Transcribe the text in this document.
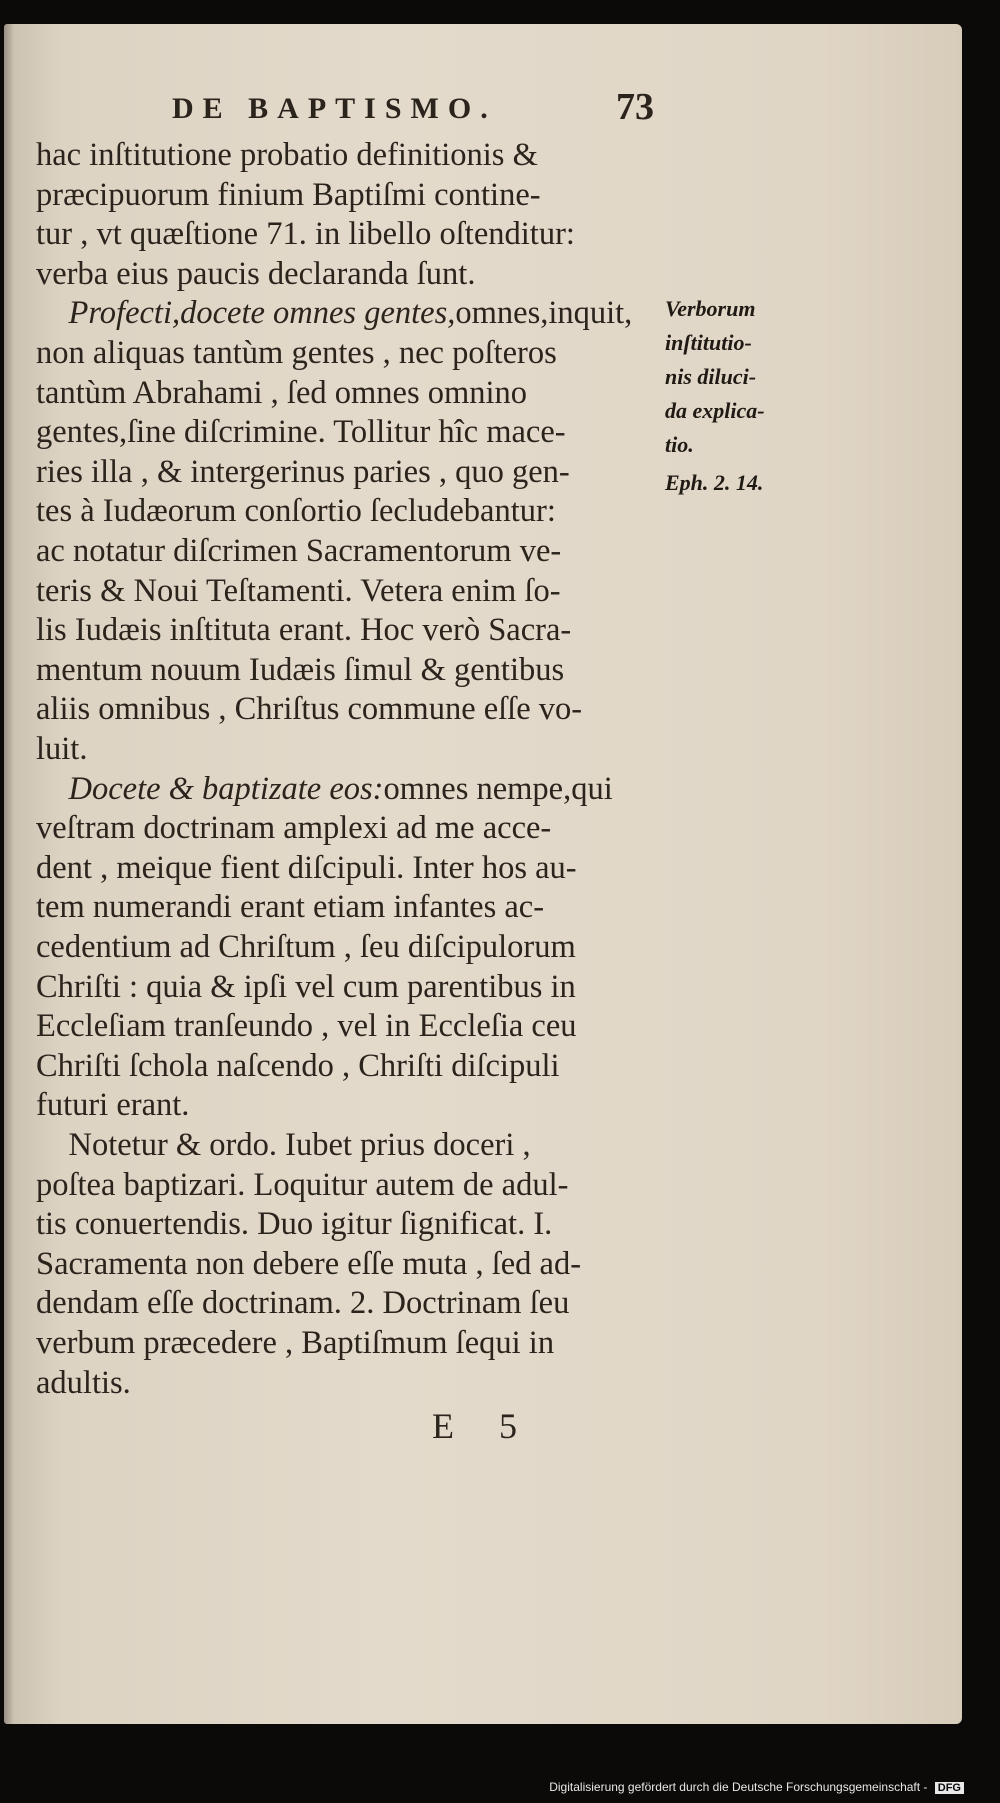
DE BAPTISMO.	73
hac inſtitutione probatio definitionis &
præcipuorum finium Baptiſmi contine-
tur , vt quæſtione 71. in libello oſtenditur:
verba eius paucis declaranda ſunt.
Profecti,docete omnes gentes,omnes,inquit,
non aliquas tantùm gentes , nec poſteros
tantùm Abrahami , ſed omnes omnino
gentes,ſine diſcrimine. Tollitur hîc mace-
ries illa , & intergerinus paries , quo gen-
tes à Iudæorum conſortio ſecludebantur:
ac notatur diſcrimen Sacramentorum ve-
teris & Noui Teſtamenti. Vetera enim ſo-
lis Iudæis inſtituta erant. Hoc verò Sacra-
mentum nouum Iudæis ſimul & gentibus
aliis omnibus , Chriſtus commune eſſe vo-
luit.
Docete & baptizate eos:omnes nempe,qui
veſtram doctrinam amplexi ad me acce-
dent , meique fient diſcipuli. Inter hos au-
tem numerandi erant etiam infantes ac-
cedentium ad Chriſtum , ſeu diſcipulorum
Chriſti : quia & ipſi vel cum parentibus in
Eccleſiam tranſeundo , vel in Eccleſia ceu
Chriſti ſchola naſcendo , Chriſti diſcipuli
futuri erant.
Notetur & ordo. Iubet prius doceri ,
poſtea baptizari. Loquitur autem de adul-
tis conuertendis. Duo igitur ſignificat. I.
Sacramenta non debere eſſe muta , ſed ad-
dendam eſſe doctrinam. 2. Doctrinam ſeu
verbum præcedere , Baptiſmum ſequi in
adultis.
Verborum
inſtitutio-
nis diluci-
da explica-
tio.
Eph. 2. 14.
E 5
Digitalisierung gefördert durch die Deutsche Forschungsgemeinschaft - DFG
